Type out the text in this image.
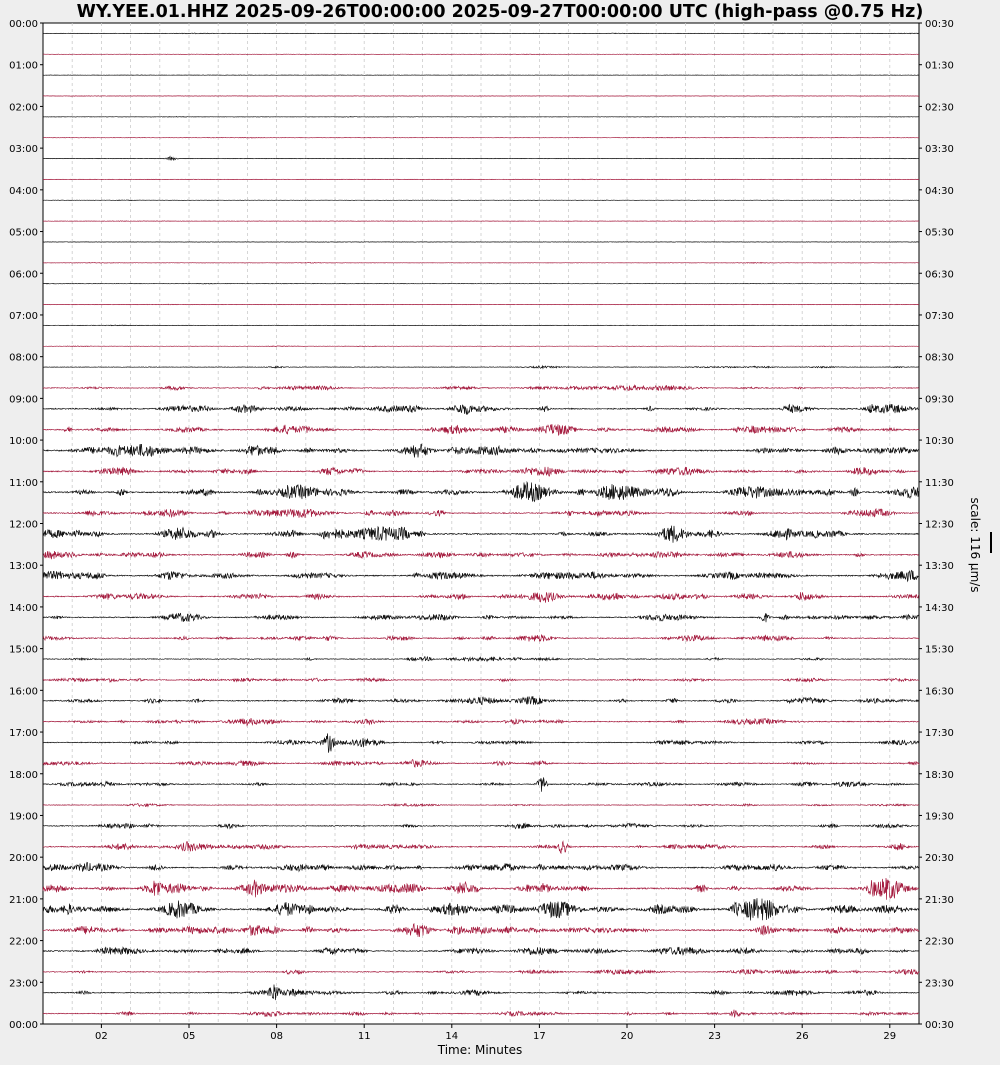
WY.YEE.01.HHZ 2025-09-26T00:00:00 2025-09-27T00:00:00 UTC (high-pass @0.75 Hz)
00:00
01:00
02:00
03:00
04:00
05:00
06:00
07:00
08:00
09:00
10:00
11:00
12:00
13:00
14:00
15:00
16:00
17:00
18:00
19:00
20:00
21:00
22:00
23:00
00:00
00:30
01:30
02:30
03:30
04:30
05:30
06:30
07:30
08:30
09:30
10:30
11:30
12:30
13:30
14:30
15:30
16:30
17:30
18:30
19:30
20:30
21:30
22:30
23:30
00:30
02	05	08	11	14	17	20	23	26	29
Time: Minutes
scale: 116 μm/s
